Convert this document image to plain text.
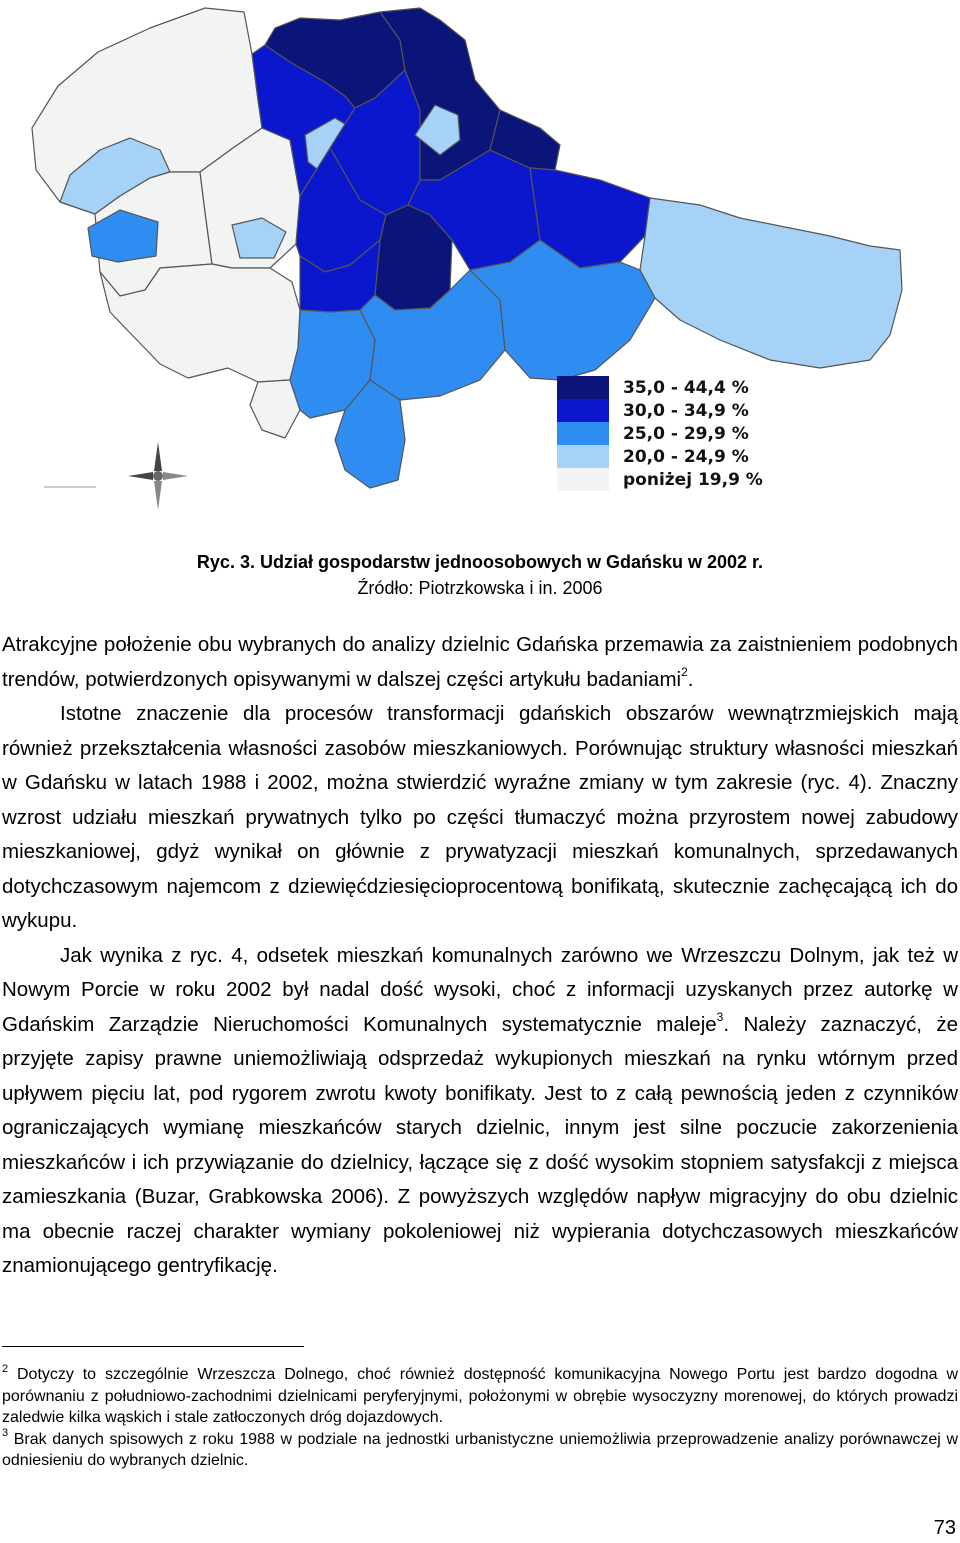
35,0 - 44,4 %
30,0 - 34,9 %
25,0 - 29,9 %
20,0 - 24,9 %
poniżej 19,9 %
Ryc. 3. Udział gospodarstw jednoosobowych w Gdańsku w 2002 r.
Źródło: Piotrzkowska i in. 2006

Atrakcyjne położenie obu wybranych do analizy dzielnic Gdańska przemawia za zaistnieniem podobnych trendów, potwierdzonych opisywanymi w dalszej części artykułu badaniami$^2$.

Istotne znaczenie dla procesów transformacji gdańskich obszarów wewnątrzmiejskich mają również przekształcenia własności zasobów mieszkaniowych. Porównując struktury własności mieszkań w Gdańsku w latach 1988 i 2002, można stwierdzić wyraźne zmiany w tym zakresie (ryc. 4). Znaczny wzrost udziału mieszkań prywatnych tylko po części tłumaczyć można przyrostem nowej zabudowy mieszkaniowej, gdyż wynikał on głównie z prywatyzacji mieszkań komunalnych, sprzedawanych dotychczasowym najemcom z dziewięćdziesięcioprocentową bonifikatą, skutecznie zachęcającą ich do wykupu.

Jak wynika z ryc. 4, odsetek mieszkań komunalnych zarówno we Wrzeszczu Dolnym, jak też w Nowym Porcie w roku 2002 był nadal dość wysoki, choć z informacji uzyskanych przez autorkę w Gdańskim Zarządzie Nieruchomości Komunalnych systematycznie maleje$^3$. Należy zaznaczyć, że przyjęte zapisy prawne uniemożliwiają odsprzedaż wykupionych mieszkań na rynku wtórnym przed upływem pięciu lat, pod rygorem zwrotu kwoty bonifikaty. Jest to z całą pewnością jeden z czynników ograniczających wymianę mieszkańców starych dzielnic, innym jest silne poczucie zakorzenienia mieszkańców i ich przywiązanie do dzielnicy, łączące się z dość wysokim stopniem satysfakcji z miejsca zamieszkania (Buzar, Grabkowska 2006). Z powyższych względów napływ migracyjny do obu dzielnic ma obecnie raczej charakter wymiany pokoleniowej niż wypierania dotychczasowych mieszkańców znamionującego gentryfikację.

$^2$ Dotyczy to szczególnie Wrzeszcza Dolnego, choć również dostępność komunikacyjna Nowego Portu jest bardzo dogodna w porównaniu z południowo-zachodnimi dzielnicami peryferyjnymi, położonymi w obrębie wysoczyzny morenowej, do których prowadzi zaledwie kilka wąskich i stale zatłoczonych dróg dojazdowych.

$^3$ Brak danych spisowych z roku 1988 w podziale na jednostki urbanistyczne uniemożliwia przeprowadzenie analizy porównawczej w odniesieniu do wybranych dzielnic.

73
